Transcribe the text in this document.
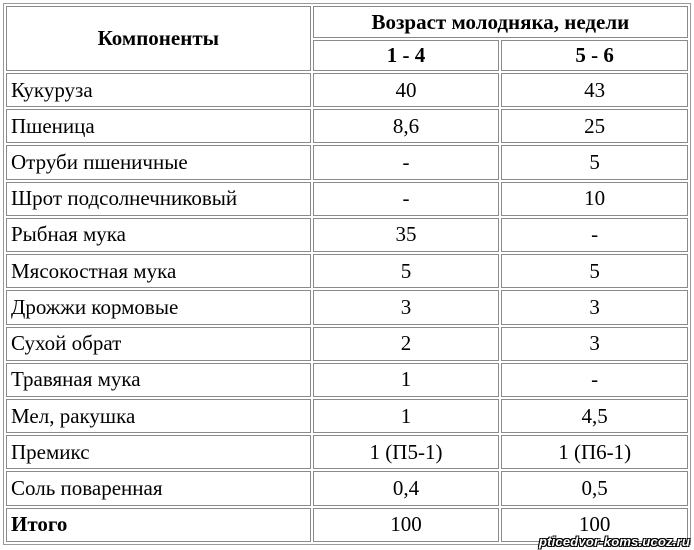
Компоненты	Возраст молодняка, недели	
	1 - 4	5 - 6
Кукуруза	40	43
Пшеница	8,6	25
Отруби пшеничные	-	5
Шрот подсолнечниковый	-	10
Рыбная мука	35	-
Мясокостная мука	5	5
Дрожжи кормовые	3	3
Сухой обрат	2	3
Травяная мука	1	-
Мел, ракушка	1	4,5
Премикс	1 (П5-1)	1 (П6-1)
Соль поваренная	0,4	0,5
Итого	100	100
pticedvor-koms.ucoz.ru
